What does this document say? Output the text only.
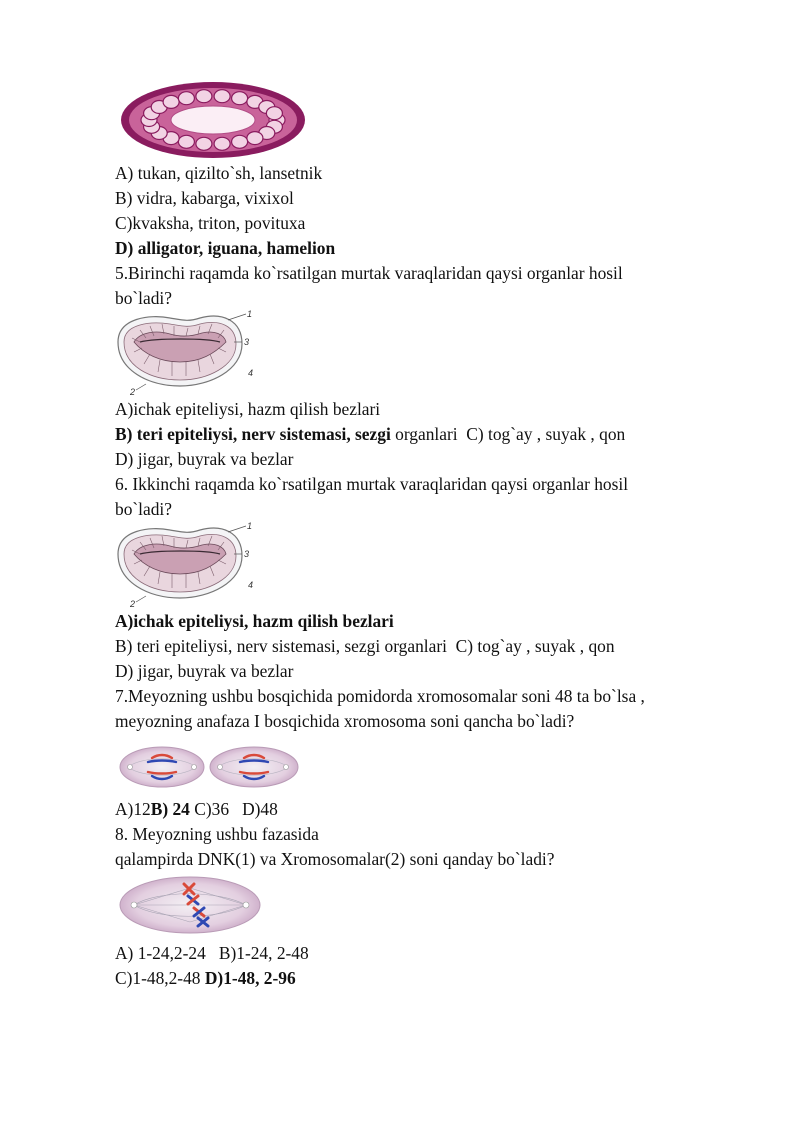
A) tukan, qizilto`sh, lansetnik
B) vidra, kabarga, vixixol
C)kvaksha, triton, povituxa
D) alligator, iguana, hamelion
5.Birinchi raqamda ko`rsatilgan murtak varaqlaridan qaysi organlar hosil
bo`ladi?
1
3
2
4
A)ichak epiteliysi, hazm qilish bezlari
B) teri epiteliysi, nerv sistemasi, sezgi organlari C) tog`ay , suyak , qon
D) jigar, buyrak va bezlar
6. Ikkinchi raqamda ko`rsatilgan murtak varaqlaridan qaysi organlar hosil
bo`ladi?
1
3
2
4
A)ichak epiteliysi, hazm qilish bezlari
B) teri epiteliysi, nerv sistemasi, sezgi organlari C) tog`ay , suyak , qon
D) jigar, buyrak va bezlar
7.Meyozning ushbu bosqichida pomidorda xromosomalar soni 48 ta bo`lsa ,
meyozning anafaza I bosqichida xromosoma soni qancha bo`ladi?
A)12B) 24 C)36 D)48
8. Meyozning ushbu fazasida
qalampirda DNK(1) va Xromosomalar(2) soni qanday bo`ladi?
A) 1-24,2-24 B)1-24, 2-48
C)1-48,2-48 D)1-48, 2-96
